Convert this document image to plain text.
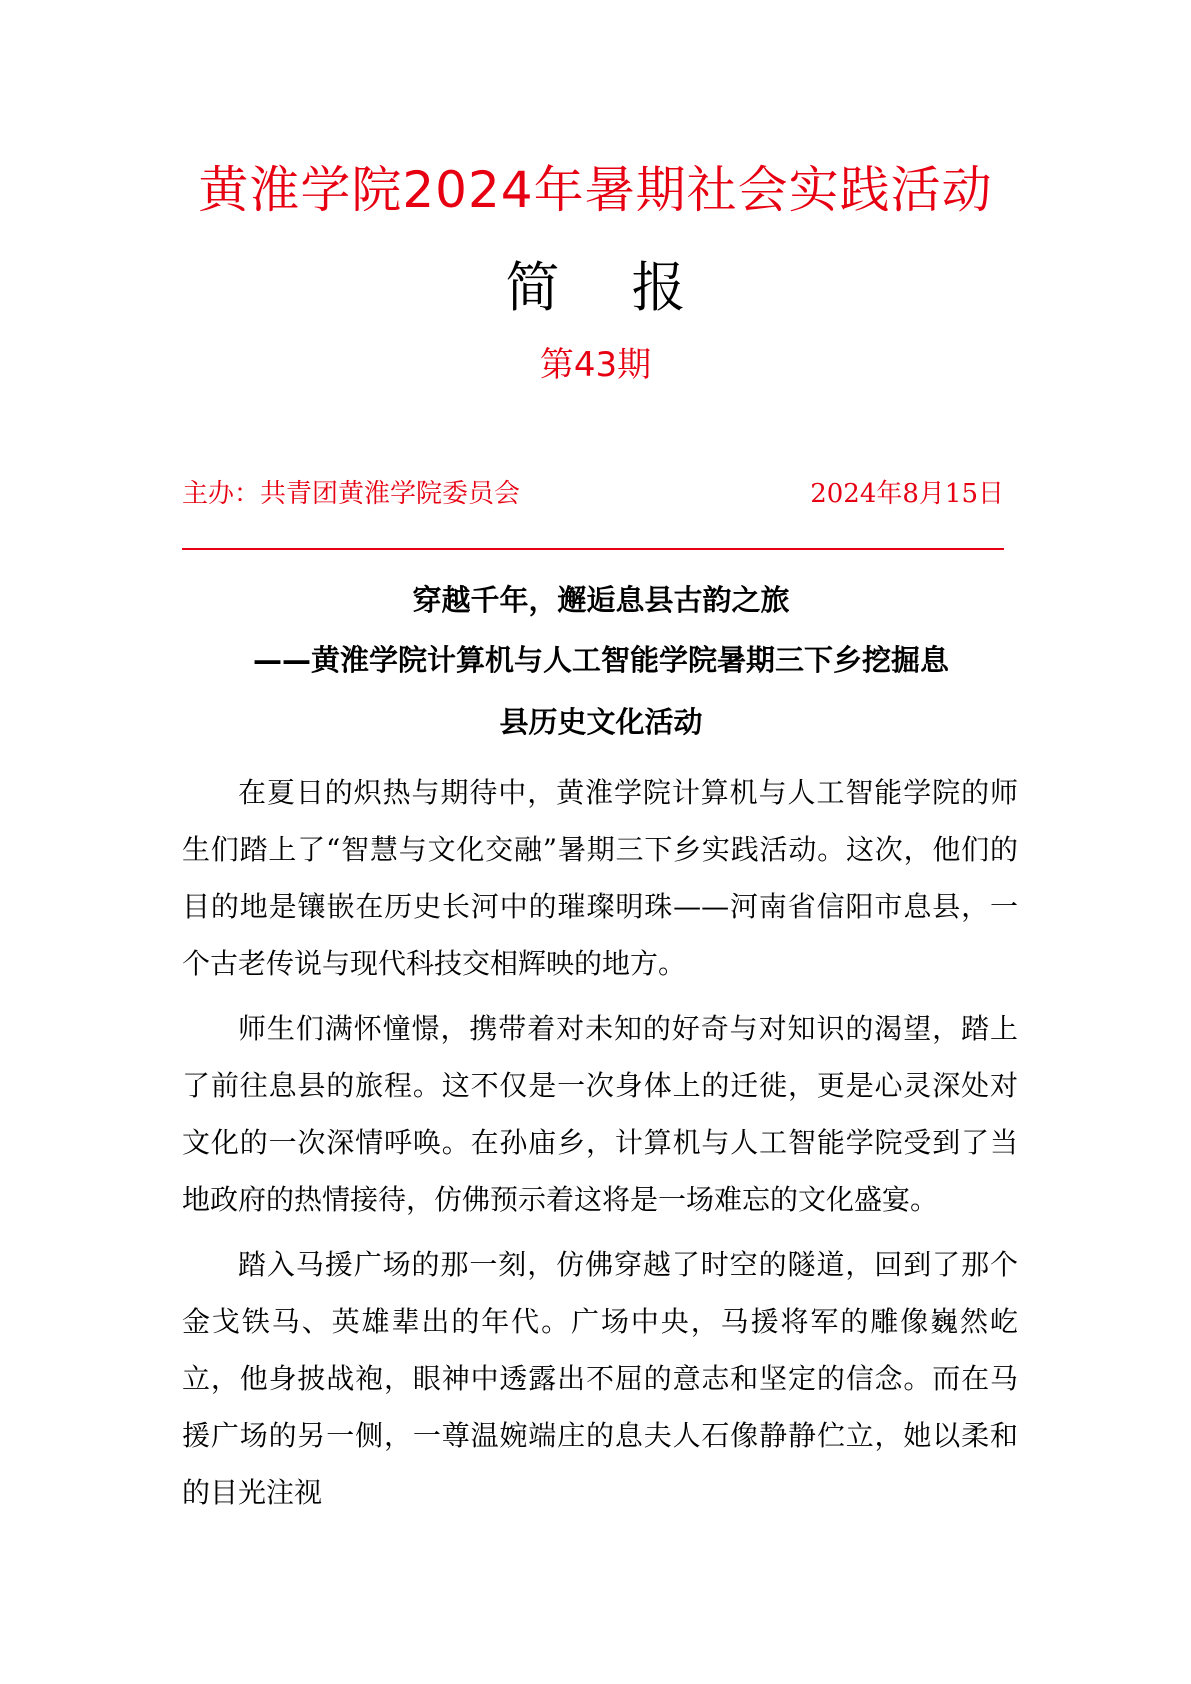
黄淮学院2024年暑期社会实践活动
简报
第43期
主办：共青团黄淮学院委员会	2024年8月15日
穿越千年，邂逅息县古韵之旅
——黄淮学院计算机与人工智能学院暑期三下乡挖掘息
县历史文化活动

在夏日的炽热与期待中，黄淮学院计算机与人工智能学院的师生们踏上了“智慧与文化交融”暑期三下乡实践活动。这次，他们的目的地是镶嵌在历史长河中的璀璨明珠——河南省信阳市息县，一个古老传说与现代科技交相辉映的地方。

师生们满怀憧憬，携带着对未知的好奇与对知识的渴望，踏上了前往息县的旅程。这不仅是一次身体上的迁徙，更是心灵深处对文化的一次深情呼唤。在孙庙乡，计算机与人工智能学院受到了当地政府的热情接待，仿佛预示着这将是一场难忘的文化盛宴。

踏入马援广场的那一刻，仿佛穿越了时空的隧道，回到了那个金戈铁马、英雄辈出的年代。广场中央，马援将军的雕像巍然屹立，他身披战袍，眼神中透露出不屈的意志和坚定的信念。而在马援广场的另一侧，一尊温婉端庄的息夫人石像静静伫立，她以柔和的目光注视
